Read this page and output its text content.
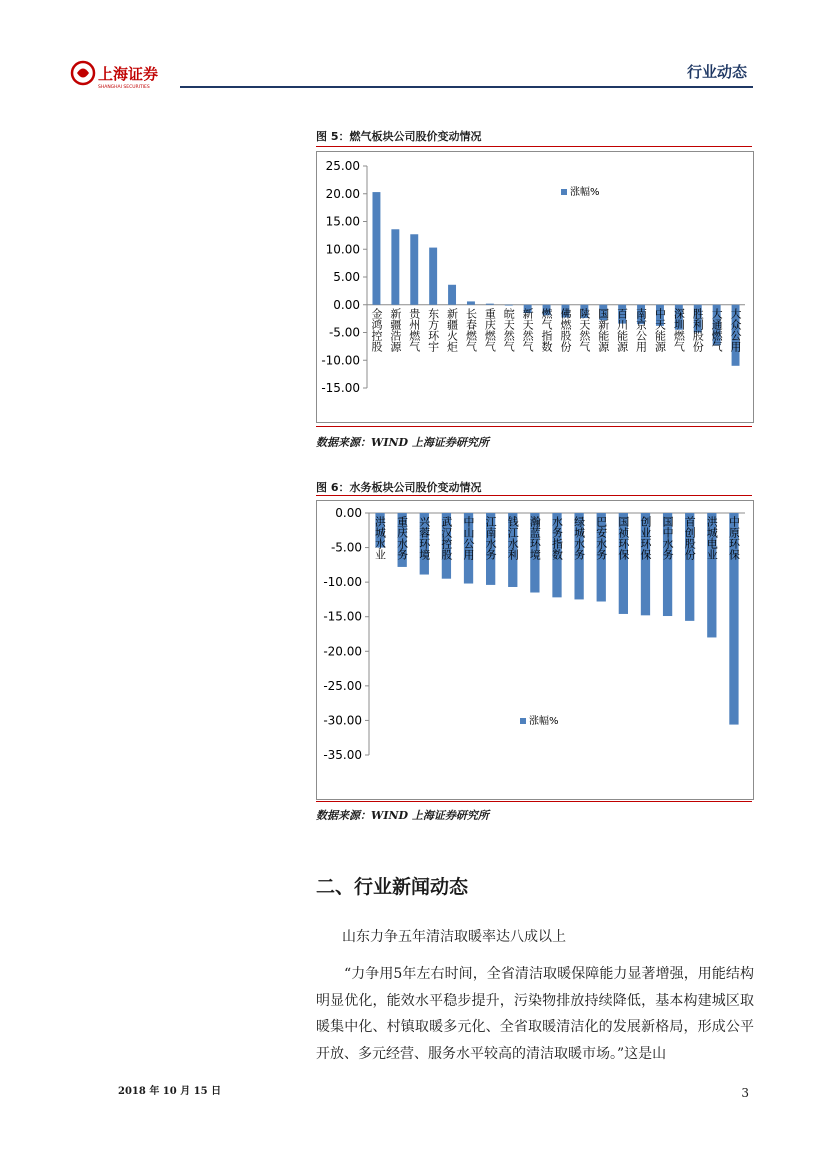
上海证券
SHANGHAI SECURITIES
行业动态
图 5：燃气板块公司股价变动情况
25.00
20.00
15.00
10.00
5.00
0.00
-5.00
-10.00
-15.00
金鸿控股 新疆浩源 贵州燃气 东方环宇 新疆火炬 长春燃气 重庆燃气 皖天然气 新天然气 燃气指数 佛燃股份 陕天然气 国新能源 百川能源 南京公用 中天能源 深圳燃气 胜利股份 大通燃气 大众公用
涨幅%
数据来源：WIND 上海证券研究所
图 6：水务板块公司股价变动情况
0.00
-5.00
-10.00
-15.00
-20.00
-25.00
-30.00
-35.00
洪城水业 重庆水务 兴蓉环境 武汉控股 中山公用 江南水务 钱江水利 瀚蓝环境 水务指数 绿城水务 巴安水务 国祯环保 创业环保 国中水务 首创股份 洪城电业 中原环保
涨幅%
数据来源：WIND 上海证券研究所
二、行业新闻动态
山东力争五年清洁取暖率达八成以上
“力争用5年左右时间，全省清洁取暖保障能力显著增强，用能结构明显优化，能效水平稳步提升，污染物排放持续降低，基本构建城区取暖集中化、村镇取暖多元化、全省取暖清洁化的发展新格局，形成公平开放、多元经营、服务水平较高的清洁取暖市场。”这是山
2018 年 10 月 15 日	3
